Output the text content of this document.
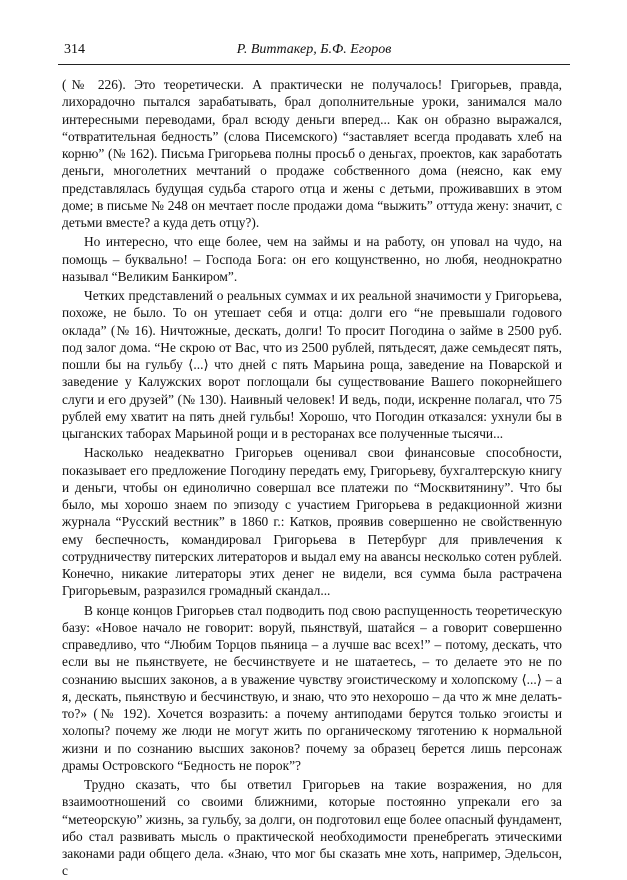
314	Р. Виттакер, Б.Ф. Егоров

(№ 226). Это теоретически. А практически не получалось! Григорьев, правда, лихорадочно пытался зарабатывать, брал дополнительные уроки, занимался мало интересными переводами, брал всюду деньги вперед... Как он образно выражался, “отвратительная бедность” (слова Писемского) “заставляет всегда продавать хлеб на корню” (№ 162). Письма Григорьева полны просьб о деньгах, проектов, как заработать деньги, многолетних мечтаний о продаже собственного дома (неясно, как ему представлялась будущая судьба старого отца и жены с детьми, проживавших в этом доме; в письме № 248 он мечтает после продажи дома “выжить” оттуда жену: значит, с детьми вместе? а куда деть отцу?).

Но интересно, что еще более, чем на займы и на работу, он уповал на чудо, на помощь – буквально! – Господа Бога: он его кощунственно, но любя, неоднократно называл “Великим Банкиром”.

Четких представлений о реальных суммах и их реальной значимости у Григорьева, похоже, не было. То он утешает себя и отца: долги его “не превышали годового оклада” (№ 16). Ничтожные, дескать, долги! То просит Погодина о займе в 2500 руб. под залог дома. “Не скрою от Вас, что из 2500 рублей, пятьдесят, даже семьдесят пять, пошли бы на гульбу ⟨...⟩ что дней с пять Марьина роща, заведение на Поварской и заведение у Калужских ворот поглощали бы существование Вашего покорнейшего слуги и его друзей” (№ 130). Наивный человек! И ведь, поди, искренне полагал, что 75 рублей ему хватит на пять дней гульбы! Хорошо, что Погодин отказался: ухнули бы в цыганских таборах Марьиной рощи и в ресторанах все полученные тысячи...

Насколько неадекватно Григорьев оценивал свои финансовые способности, показывает его предложение Погодину передать ему, Григорьеву, бухгалтерскую книгу и деньги, чтобы он единолично совершал все платежи по “Москвитянину”. Что бы было, мы хорошо знаем по эпизоду с участием Григорьева в редакционной жизни журнала “Русский вестник” в 1860 г.: Катков, проявив совершенно не свойственную ему беспечность, командировал Григорьева в Петербург для привлечения к сотрудничеству питерских литераторов и выдал ему на авансы несколько сотен рублей. Конечно, никакие литераторы этих денег не видели, вся сумма была растрачена Григорьевым, разразился громадный скандал...

В конце концов Григорьев стал подводить под свою распущенность теоретическую базу: «Новое начало не говорит: воруй, пьянствуй, шатайся – а говорит совершенно справедливо, что “Любим Торцов пьяница – а лучше вас всех!” – потому, дескать, что если вы не пьянствуете, не бесчинствуете и не шатаетесь, – то делаете это не по сознанию высших законов, а в уважение чувству эгоистическому и холопскому ⟨...⟩ – а я, дескать, пьянствую и бесчинствую, и знаю, что это нехорошо – да что ж мне делать-то?» (№ 192). Хочется возразить: а почему антиподами берутся только эгоисты и холопы? почему же люди не могут жить по органическому тяготению к нормальной жизни и по сознанию высших законов? почему за образец берется лишь персонаж драмы Островского “Бедность не порок”?

Трудно сказать, что бы ответил Григорьев на такие возражения, но для взаимоотношений со своими ближними, которые постоянно упрекали его за “метеорскую” жизнь, за гульбу, за долги, он подготовил еще более опасный фундамент, ибо стал развивать мысль о практической необходимости пренебрегать этическими законами ради общего дела. «Знаю, что мог бы сказать мне хоть, например, Эдельсон, с
